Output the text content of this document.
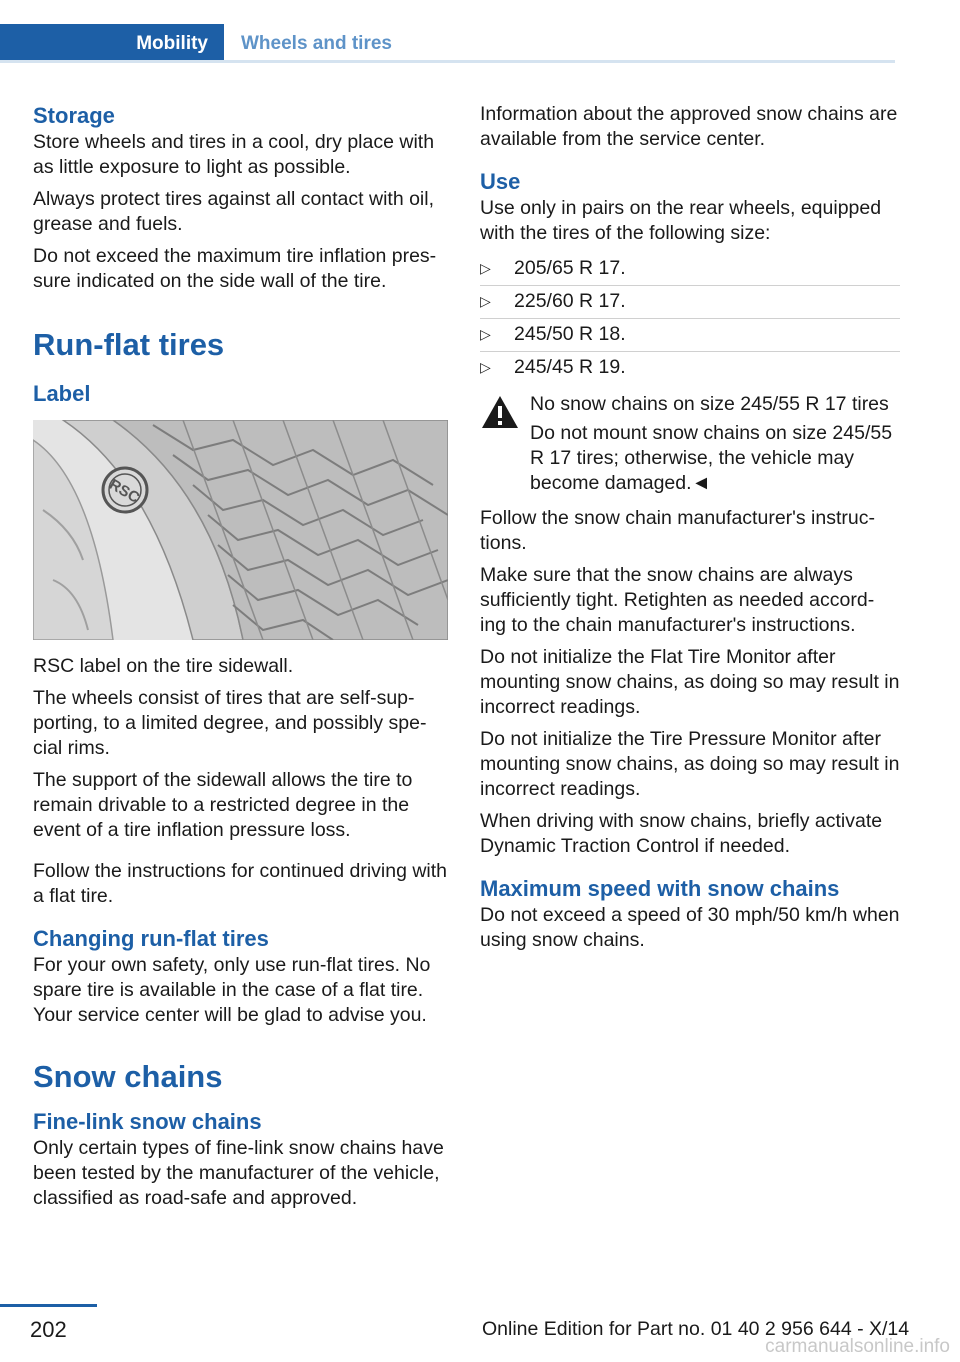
Mobility	Wheels and tires
Storage

Store wheels and tires in a cool, dry place with as little exposure to light as possible.

Always protect tires against all contact with oil, grease and fuels.

Do not exceed the maximum tire inflation pres‐sure indicated on the side wall of the tire.

Run-flat tires
Label
RSC

RSC label on the tire sidewall.

The wheels consist of tires that are self-sup‐porting, to a limited degree, and possibly spe‐cial rims.

The support of the sidewall allows the tire to remain drivable to a restricted degree in the event of a tire inflation pressure loss.

Follow the instructions for continued driving with a flat tire.

Changing run-flat tires

For your own safety, only use run-flat tires. No spare tire is available in the case of a flat tire. Your service center will be glad to advise you.

Snow chains
Fine-link snow chains

Only certain types of fine-link snow chains have been tested by the manufacturer of the vehicle, classified as road-safe and approved.

Information about the approved snow chains are available from the service center.

Use

Use only in pairs on the rear wheels, equipped with the tires of the following size:

▷ 205/65 R 17.
▷ 225/60 R 17.
▷ 245/50 R 18.
▷ 245/45 R 19.

No snow chains on size 245/55 R 17 tires

Do not mount snow chains on size 245/55 R 17 tires; otherwise, the vehicle may become damaged.◄

Follow the snow chain manufacturer's instruc‐tions.

Make sure that the snow chains are always sufficiently tight. Retighten as needed accord‐ing to the chain manufacturer's instructions.

Do not initialize the Flat Tire Monitor after mounting snow chains, as doing so may result in incorrect readings.

Do not initialize the Tire Pressure Monitor after mounting snow chains, as doing so may result in incorrect readings.

When driving with snow chains, briefly activate Dynamic Traction Control if needed.

Maximum speed with snow chains

Do not exceed a speed of 30 mph/50 km/h when using snow chains.

202	Online Edition for Part no. 01 40 2 956 644 - X/14
carmanualsonline.info
